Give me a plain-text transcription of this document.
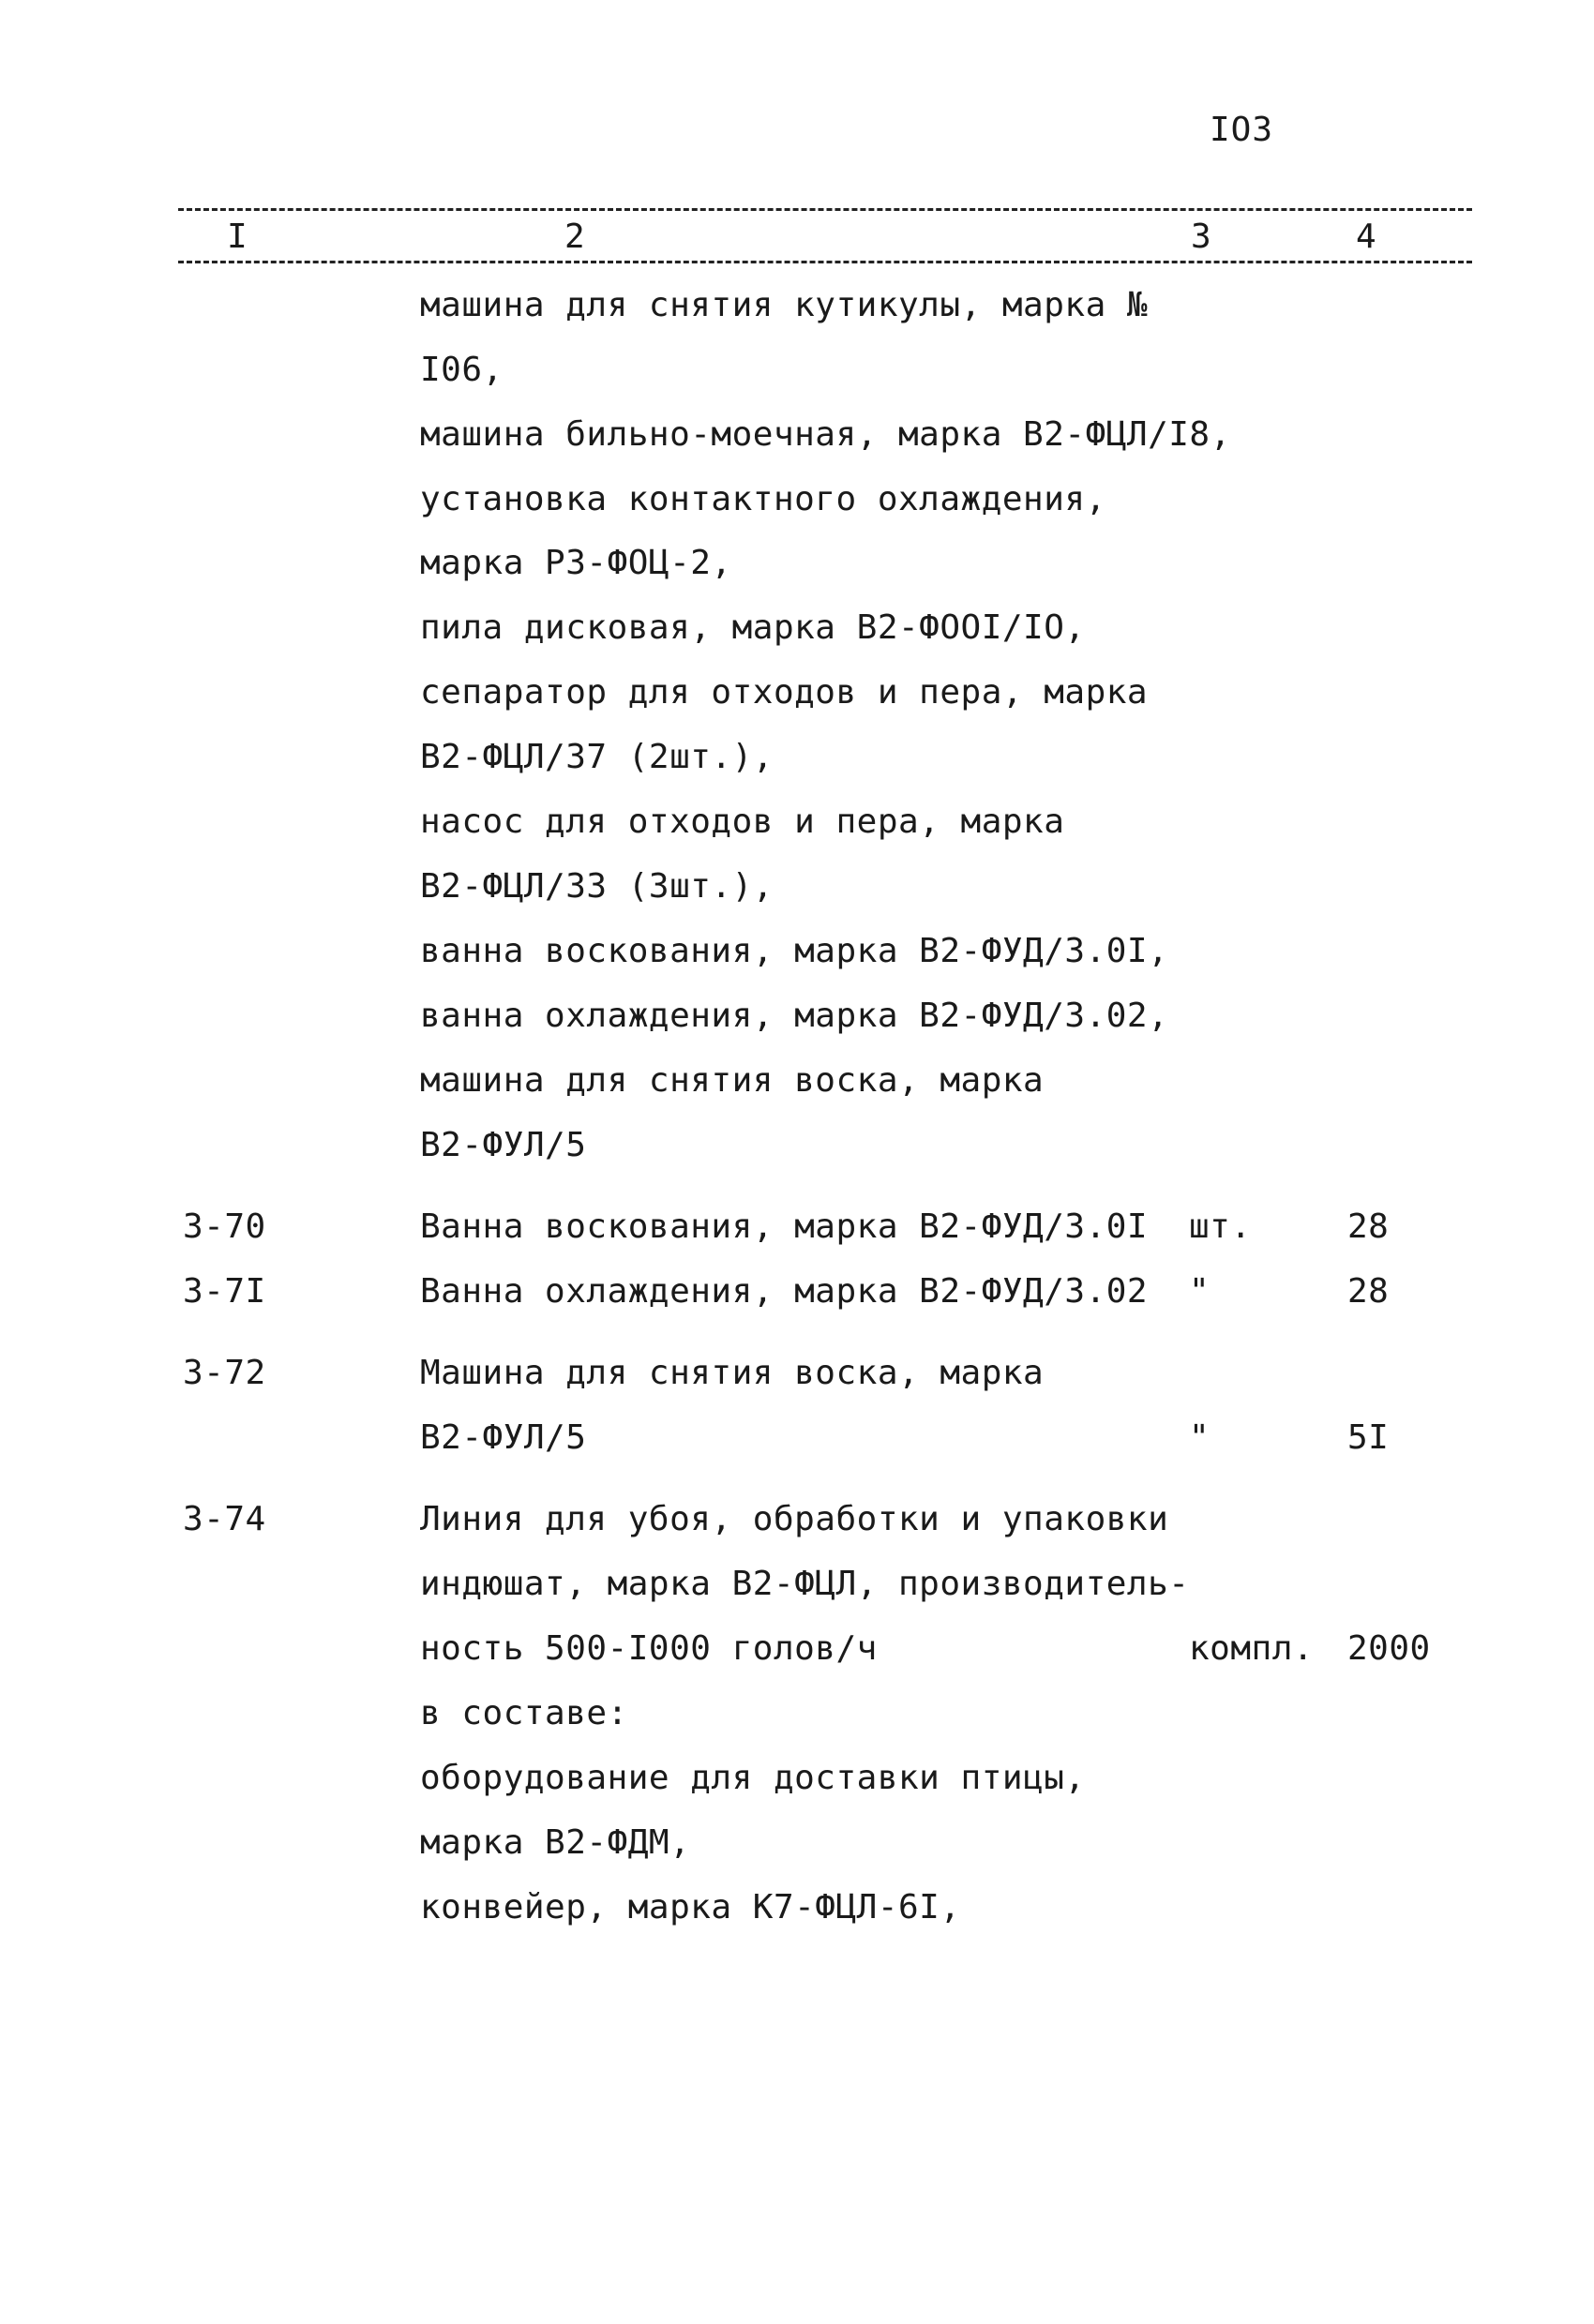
IO3
I	2	3	4
машина для снятия кутикулы, марка №
I06,
машина бильно-моечная, марка В2-ФЦЛ/I8,
установка контактного охлаждения,
марка РЗ-ФОЦ-2,
пила дисковая, марка В2-ФООI/IO,
сепаратор для отходов и пера, марка
В2-ФЦЛ/37 (2шт.),
насос для отходов и пера, марка
В2-ФЦЛ/33 (3шт.),
ванна воскования, марка В2-ФУД/3.0I,
ванна охлаждения, марка В2-ФУД/3.02,
машина для снятия воска, марка
В2-ФУЛ/5
3-70	Ванна воскования, марка В2-ФУД/3.0I шт.	28
3-7I	Ванна охлаждения, марка В2-ФУД/3.02 "	28
3-72	Машина для снятия воска, марка
В2-ФУЛ/5	"	5I
3-74	Линия для убоя, обработки и упаковки
индюшат, марка В2-ФЦЛ, производитель-
ность 500-I000 голов/ч	компл. 2000
в составе:
оборудование для доставки птицы,
марка В2-ФДМ,
конвейер, марка К7-ФЦЛ-6I,
